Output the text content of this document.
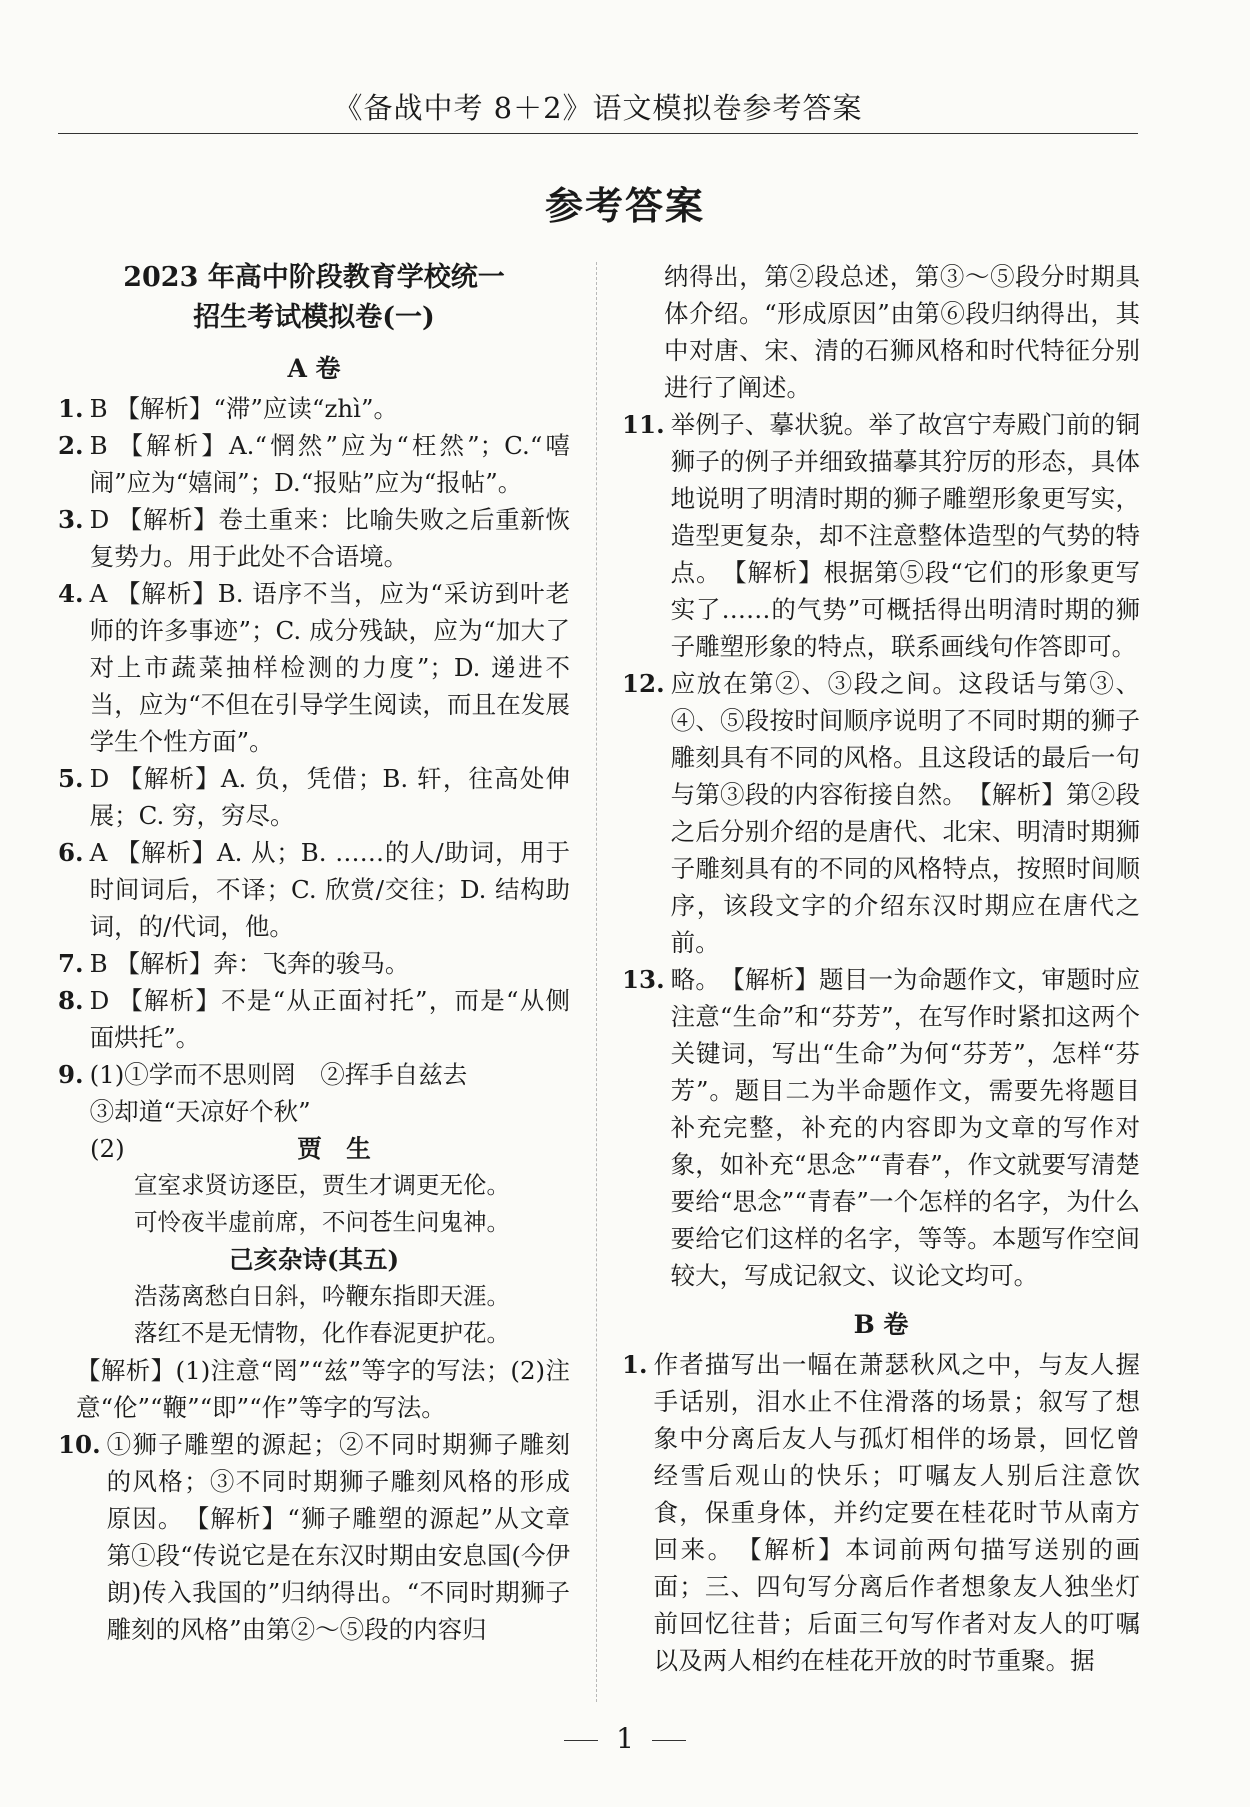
《备战中考 8＋2》语文模拟卷参考答案
参考答案
2023 年高中阶段教育学校统一
招生考试模拟卷(一)
A 卷
1. B 【解析】“滞”应读“zhì”。
2. B 【解析】A.“惘然”应为“枉然”；C.“嘻闹”应为“嬉闹”；D.“报贴”应为“报帖”。
3. D 【解析】卷土重来：比喻失败之后重新恢复势力。用于此处不合语境。
4. A 【解析】B. 语序不当，应为“采访到叶老师的许多事迹”；C. 成分残缺，应为“加大了对上市蔬菜抽样检测的力度”；D. 递进不当，应为“不但在引导学生阅读，而且在发展学生个性方面”。
5. D 【解析】A. 负，凭借；B. 轩，往高处伸展；C. 穷，穷尽。
6. A 【解析】A. 从；B. ……的人/助词，用于时间词后，不译；C. 欣赏/交往；D. 结构助词，的/代词，他。
7. B 【解析】奔：飞奔的骏马。
8. D 【解析】不是“从正面衬托”，而是“从侧面烘托”。
9. (1)①学而不思则罔　②挥手自兹去
③却道“天凉好个秋”
(2)	贾　生
宣室求贤访逐臣，贾生才调更无伦。
可怜夜半虚前席，不问苍生问鬼神。
己亥杂诗(其五)
浩荡离愁白日斜，吟鞭东指即天涯。
落红不是无情物，化作春泥更护花。
【解析】(1)注意“罔”“兹”等字的写法；(2)注意“伦”“鞭”“即”“作”等字的写法。
10. ①狮子雕塑的源起；②不同时期狮子雕刻的风格；③不同时期狮子雕刻风格的形成原因。　【解析】“狮子雕塑的源起”从文章第①段“传说它是在东汉时期由安息国(今伊朗)传入我国的”归纳得出。“不同时期狮子雕刻的风格”由第②～⑤段的内容归
纳得出，第②段总述，第③～⑤段分时期具体介绍。“形成原因”由第⑥段归纳得出，其中对唐、宋、清的石狮风格和时代特征分别进行了阐述。
11. 举例子、摹状貌。举了故宫宁寿殿门前的铜狮子的例子并细致描摹其狞厉的形态，具体地说明了明清时期的狮子雕塑形象更写实，造型更复杂，却不注意整体造型的气势的特点。　【解析】根据第⑤段“它们的形象更写实了……的气势”可概括得出明清时期的狮子雕塑形象的特点，联系画线句作答即可。
12. 应放在第②、③段之间。这段话与第③、④、⑤段按时间顺序说明了不同时期的狮子雕刻具有不同的风格。且这段话的最后一句与第③段的内容衔接自然。　【解析】第②段之后分别介绍的是唐代、北宋、明清时期狮子雕刻具有的不同的风格特点，按照时间顺序，该段文字的介绍东汉时期应在唐代之前。
13. 略。　【解析】题目一为命题作文，审题时应注意“生命”和“芬芳”，在写作时紧扣这两个关键词，写出“生命”为何“芬芳”，怎样“芬芳”。题目二为半命题作文，需要先将题目补充完整，补充的内容即为文章的写作对象，如补充“思念”“青春”，作文就要写清楚要给“思念”“青春”一个怎样的名字，为什么要给它们这样的名字，等等。本题写作空间较大，写成记叙文、议论文均可。
B 卷
1. 作者描写出一幅在萧瑟秋风之中，与友人握手话别，泪水止不住滑落的场景；叙写了想象中分离后友人与孤灯相伴的场景，回忆曾经雪后观山的快乐；叮嘱友人别后注意饮食，保重身体，并约定要在桂花时节从南方回来。　【解析】本词前两句描写送别的画面；三、四句写分离后作者想象友人独坐灯前回忆往昔；后面三句写作者对友人的叮嘱以及两人相约在桂花开放的时节重聚。据
1
